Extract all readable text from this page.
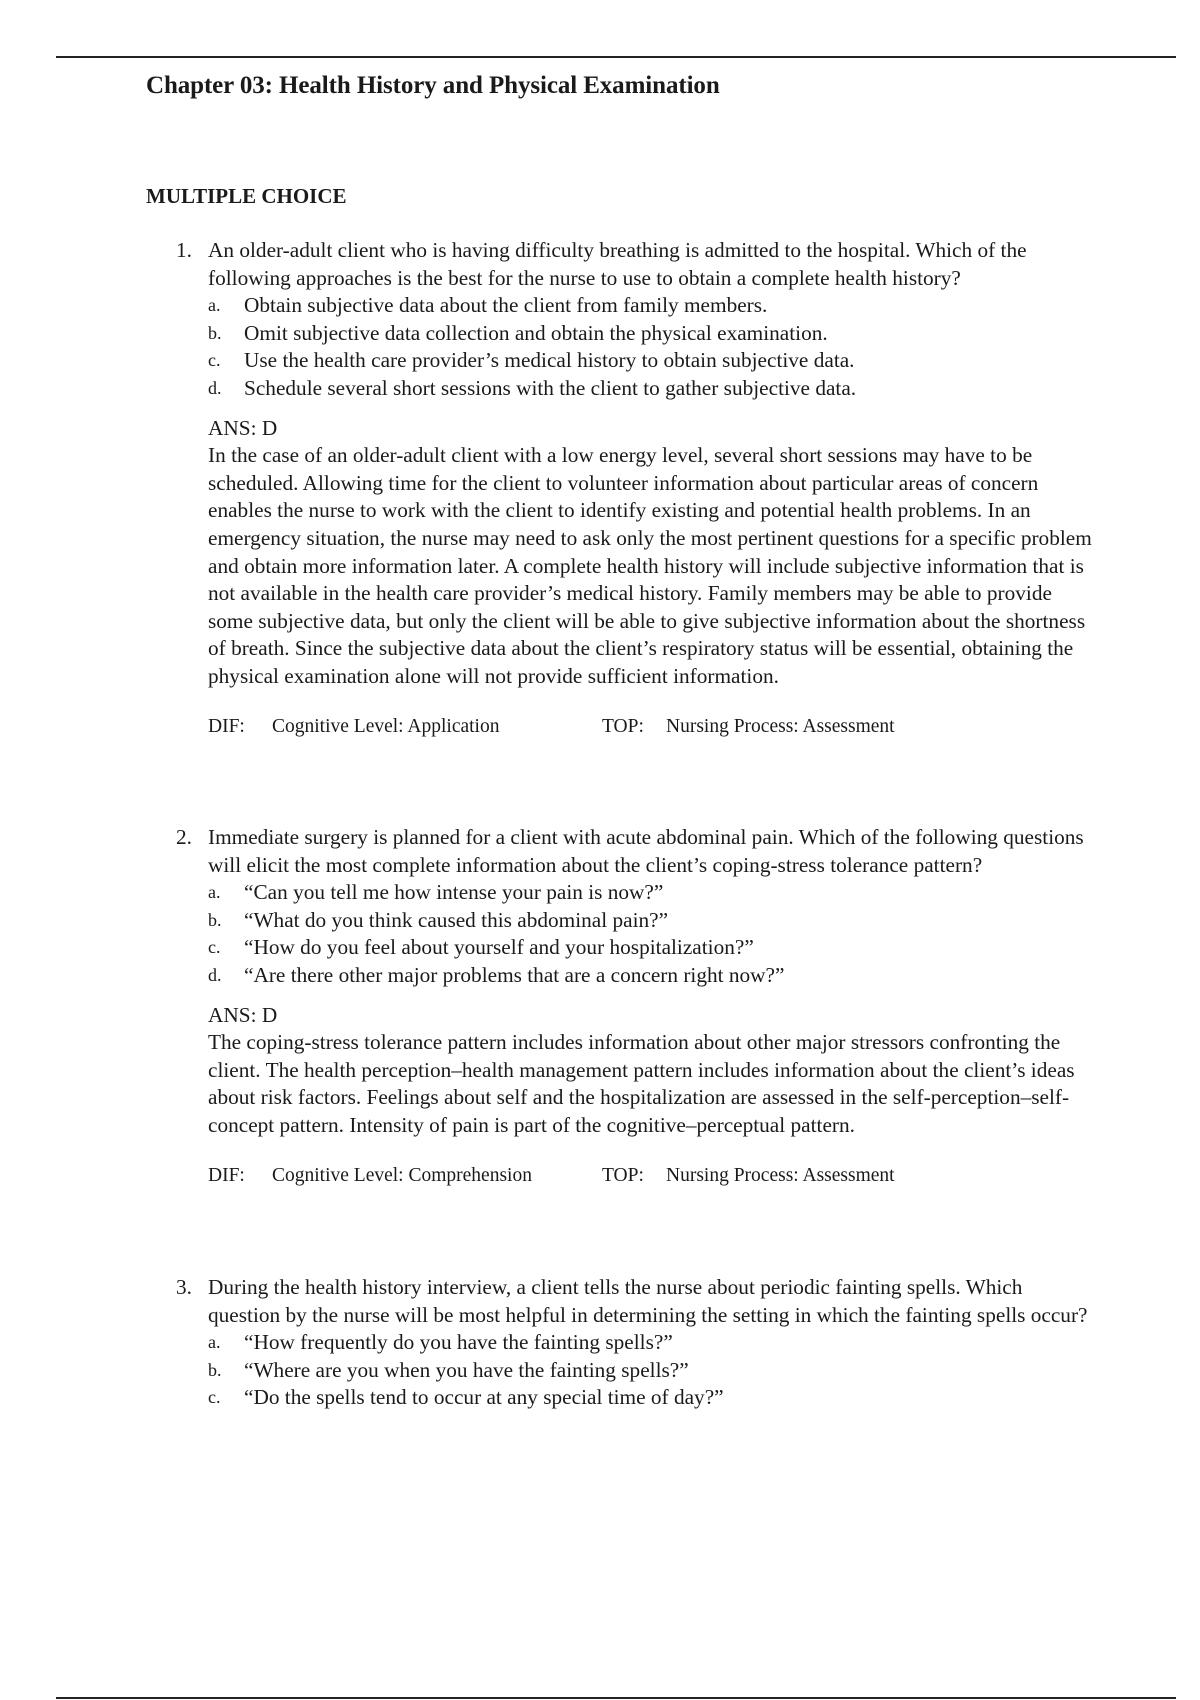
Chapter 03: Health History and Physical Examination
MULTIPLE CHOICE
1. An older-adult client who is having difficulty breathing is admitted to the hospital. Which of the following approaches is the best for the nurse to use to obtain a complete health history?

a.	Obtain subjective data about the client from family members.
b.	Omit subjective data collection and obtain the physical examination.
c.	Use the health care provider’s medical history to obtain subjective data.
d.	Schedule several short sessions with the client to gather subjective data.

ANS: D

In the case of an older-adult client with a low energy level, several short sessions may have to be scheduled. Allowing time for the client to volunteer information about particular areas of concern enables the nurse to work with the client to identify existing and potential health problems. In an emergency situation, the nurse may need to ask only the most pertinent questions for a specific problem and obtain more information later. A complete health history will include subjective information that is not available in the health care provider’s medical history. Family members may be able to provide some subjective data, but only the client will be able to give subjective information about the shortness of breath. Since the subjective data about the client’s respiratory status will be essential, obtaining the physical examination alone will not provide sufficient information.

DIF:	Cognitive Level: Application	TOP:	Nursing Process: Assessment
2. Immediate surgery is planned for a client with acute abdominal pain. Which of the following questions will elicit the most complete information about the client’s coping-stress tolerance pattern?

a.	“Can you tell me how intense your pain is now?”
b.	“What do you think caused this abdominal pain?”
c.	“How do you feel about yourself and your hospitalization?”
d.	“Are there other major problems that are a concern right now?”

ANS: D

The coping-stress tolerance pattern includes information about other major stressors confronting the client. The health perception–health management pattern includes information about the client’s ideas about risk factors. Feelings about self and the hospitalization are assessed in the self-perception–self-concept pattern. Intensity of pain is part of the cognitive–perceptual pattern.

DIF:	Cognitive Level: Comprehension	TOP:	Nursing Process: Assessment
3. During the health history interview, a client tells the nurse about periodic fainting spells. Which question by the nurse will be most helpful in determining the setting in which the fainting spells occur?

a.	“How frequently do you have the fainting spells?”
b.	“Where are you when you have the fainting spells?”
c.	“Do the spells tend to occur at any special time of day?”
